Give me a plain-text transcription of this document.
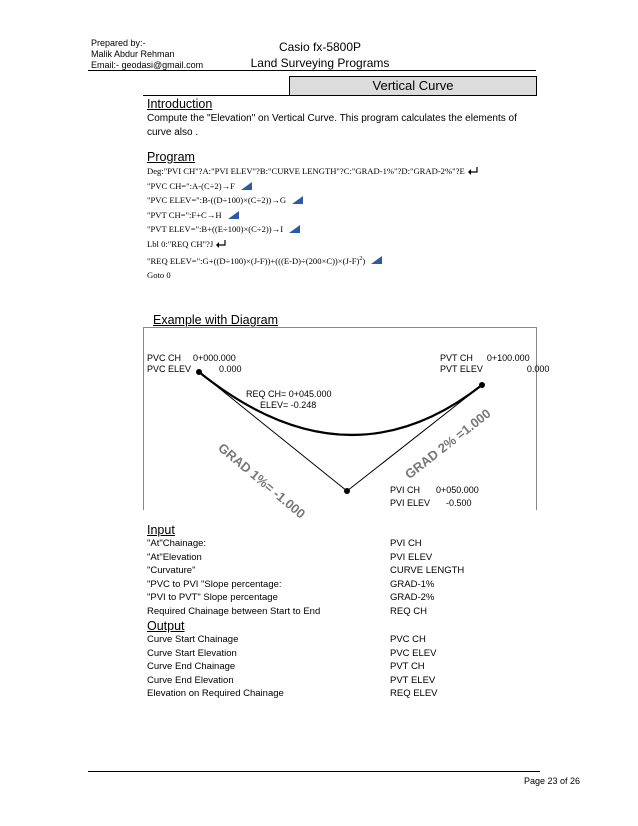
Prepared by:-
Malik Abdur Rehman
Email:- geodasi@gmail.com
Casio fx-5800P
Land Surveying Programs
Vertical Curve
Introduction
Compute the "Elevation" on Vertical Curve. This program calculates the elements of curve also .
Program
Deg:"PVI CH"?A:"PVI ELEV"?B:"CURVE LENGTH"?C:"GRAD-1%"?D:"GRAD-2%"?E
"PVC CH=":A-(C÷2)→F
"PVC ELEV=":B-((D÷100)×(C÷2))→G
"PVT CH=":F+C→H
"PVT ELEV=":B+((E÷100)×(C÷2))→I
Lbl 0:"REQ CH"?J
"REQ $ELEV=":G+((D\div 100)\times(J-F))+(((E-D)\div(200\times C))\times(J-F)^2)$
Goto 0
Example with Diagram
PVC CH 0+000.000
PVC ELEV	0.000
PVT CH 0+100.000
PVT ELEV	0.000
REQ CH= 0+045.000
ELEV= -0.248
GRAD 1%= -1.000	GRAD 2% =1.000
PVI CH 0+050.000
PVI ELEV -0.500
Input
"At"Chainage:	PVI CH
"At"Elevation	PVI ELEV
"Curvature"	CURVE LENGTH
"PVC to PVI "Slope percentage:	GRAD-1%
"PVI to PVT" Slope percentage	GRAD-2%
Required Chainage between Start to End	REQ CH
Output
Curve Start Chainage	PVC CH
Curve Start Elevation	PVC ELEV
Curve End Chainage	PVT CH
Curve End Elevation	PVT ELEV
Elevation on Required Chainage	REQ ELEV
Page 23 of 26
